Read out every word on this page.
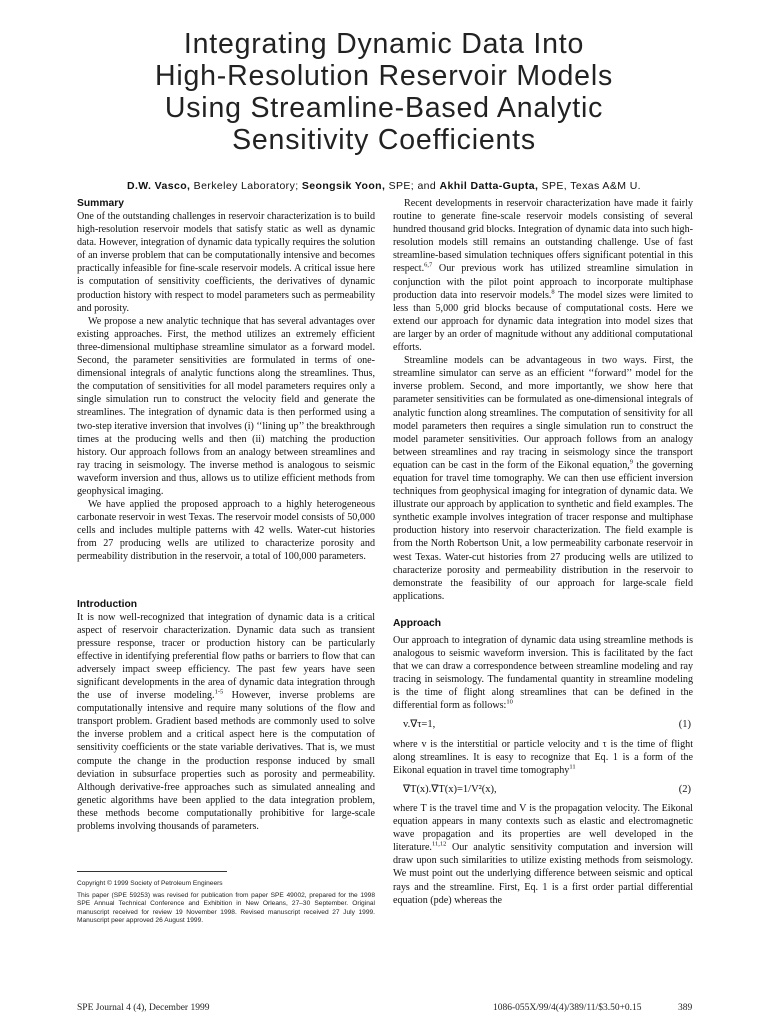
Integrating Dynamic Data Into
High-Resolution Reservoir Models
Using Streamline-Based Analytic
Sensitivity Coefficients
D.W. Vasco, Berkeley Laboratory; Seongsik Yoon, SPE; and Akhil Datta-Gupta, SPE, Texas A&M U.
Summary

One of the outstanding challenges in reservoir characterization is to build high-resolution reservoir models that satisfy static as well as dynamic data. However, integration of dynamic data typically requires the solution of an inverse problem that can be computationally intensive and becomes practically infeasible for fine-scale reservoir models. A critical issue here is computation of sensitivity coefficients, the derivatives of dynamic production history with respect to model parameters such as permeability and porosity.

We propose a new analytic technique that has several advantages over existing approaches. First, the method utilizes an extremely efficient three-dimensional multiphase streamline simulator as a forward model. Second, the parameter sensitivities are formulated in terms of one-dimensional integrals of analytic functions along the streamlines. Thus, the computation of sensitivities for all model parameters requires only a single simulation run to construct the velocity field and generate the streamlines. The integration of dynamic data is then performed using a two-step iterative inversion that involves (i) ‘‘lining up’’ the breakthrough times at the producing wells and then (ii) matching the production history. Our approach follows from an analogy between streamlines and ray tracing in seismology. The inverse method is analogous to seismic waveform inversion and thus, allows us to utilize efficient methods from geophysical imaging.

We have applied the proposed approach to a highly heterogeneous carbonate reservoir in west Texas. The reservoir model consists of 50,000 cells and includes multiple patterns with 42 wells. Water-cut histories from 27 producing wells are utilized to characterize porosity and permeability distribution in the reservoir, a total of 100,000 parameters.

Introduction

It is now well-recognized that integration of dynamic data is a critical aspect of reservoir characterization. Dynamic data such as transient pressure response, tracer or production history can be particularly effective in identifying preferential flow paths or barriers to flow that can adversely impact sweep efficiency. The past few years have seen significant developments in the area of dynamic data integration through the use of inverse modeling.$^{1-5}$ However, inverse problems are computationally intensive and require many solutions of the flow and transport problem. Gradient based methods are commonly used to solve the inverse problem and a critical aspect here is the computation of sensitivity coefficients or the state variable derivatives. That is, we must compute the change in the production response induced by small deviation in subsurface properties such as porosity and permeability. Although derivative-free approaches such as simulated annealing and genetic algorithms have been applied to the data integration problem, these methods become computationally prohibitive for large-scale problems involving thousands of parameters.

Copyright © 1999 Society of Petroleum Engineers

This paper (SPE 59253) was revised for publication from paper SPE 49002, prepared for the 1998 SPE Annual Technical Conference and Exhibition in New Orleans, 27–30 September. Original manuscript received for review 19 November 1998. Revised manuscript received 27 July 1999. Manuscript peer approved 26 August 1999.

Recent developments in reservoir characterization have made it fairly routine to generate fine-scale reservoir models consisting of several hundred thousand grid blocks. Integration of dynamic data into such high-resolution models still remains an outstanding challenge. Use of fast streamline-based simulation techniques offers significant potential in this respect.$^{6,7}$ Our previous work has utilized streamline simulation in conjunction with the pilot point approach to incorporate multiphase production data into reservoir models.$^8$ The model sizes were limited to less than 5,000 grid blocks because of computational costs. Here we extend our approach for dynamic data integration into model sizes that are larger by an order of magnitude without any additional computational efforts.

Streamline models can be advantageous in two ways. First, the streamline simulator can serve as an efficient ‘‘forward’’ model for the inverse problem. Second, and more importantly, we show here that parameter sensitivities can be formulated as one-dimensional integrals of analytic function along streamlines. The computation of sensitivity for all model parameters then requires a single simulation run to construct the model parameter sensitivities. Our approach follows from an analogy between streamlines and ray tracing in seismology since the transport equation can be cast in the form of the Eikonal equation,$^9$ the governing equation for travel time tomography. We can then use efficient inversion techniques from geophysical imaging for integration of dynamic data. We illustrate our approach by application to synthetic and field examples. The synthetic example involves integration of tracer response and multiphase production history into reservoir characterization. The field example is from the North Robertson Unit, a low permeability carbonate reservoir in west Texas. Water-cut histories from 27 producing wells are utilized to characterize porosity and permeability distribution in the reservoir to demonstrate the feasibility of our approach for large-scale field applications.

Approach

Our approach to integration of dynamic data using streamline methods is analogous to seismic waveform inversion. This is facilitated by the fact that we can draw a correspondence between streamline modeling and ray tracing in seismology. The fundamental quantity in streamline modeling is the time of flight along streamlines that can be defined in the differential form as follows:$^{10}$

v.∇τ=1,	(1)

where v is the interstitial or particle velocity and τ is the time of flight along streamlines. It is easy to recognize that Eq. 1 is a form of the Eikonal equation in travel time tomography$^{11}$

∇T(x).∇T(x)=1/V²(x),	(2)

where T is the travel time and V is the propagation velocity. The Eikonal equation appears in many contexts such as elastic and electromagnetic wave propagation and its properties are well developed in the literature.$^{11,12}$ Our analytic sensitivity computation and inversion will draw upon such similarities to utilize existing methods from seismology. We must point out the underlying difference between seismic and optical rays and the streamline. First, Eq. 1 is a first order partial differential equation (pde) whereas the

SPE Journal 4 (4), December 1999	1086-055X/99/4(4)/389/11/$3.50+0.15	389
